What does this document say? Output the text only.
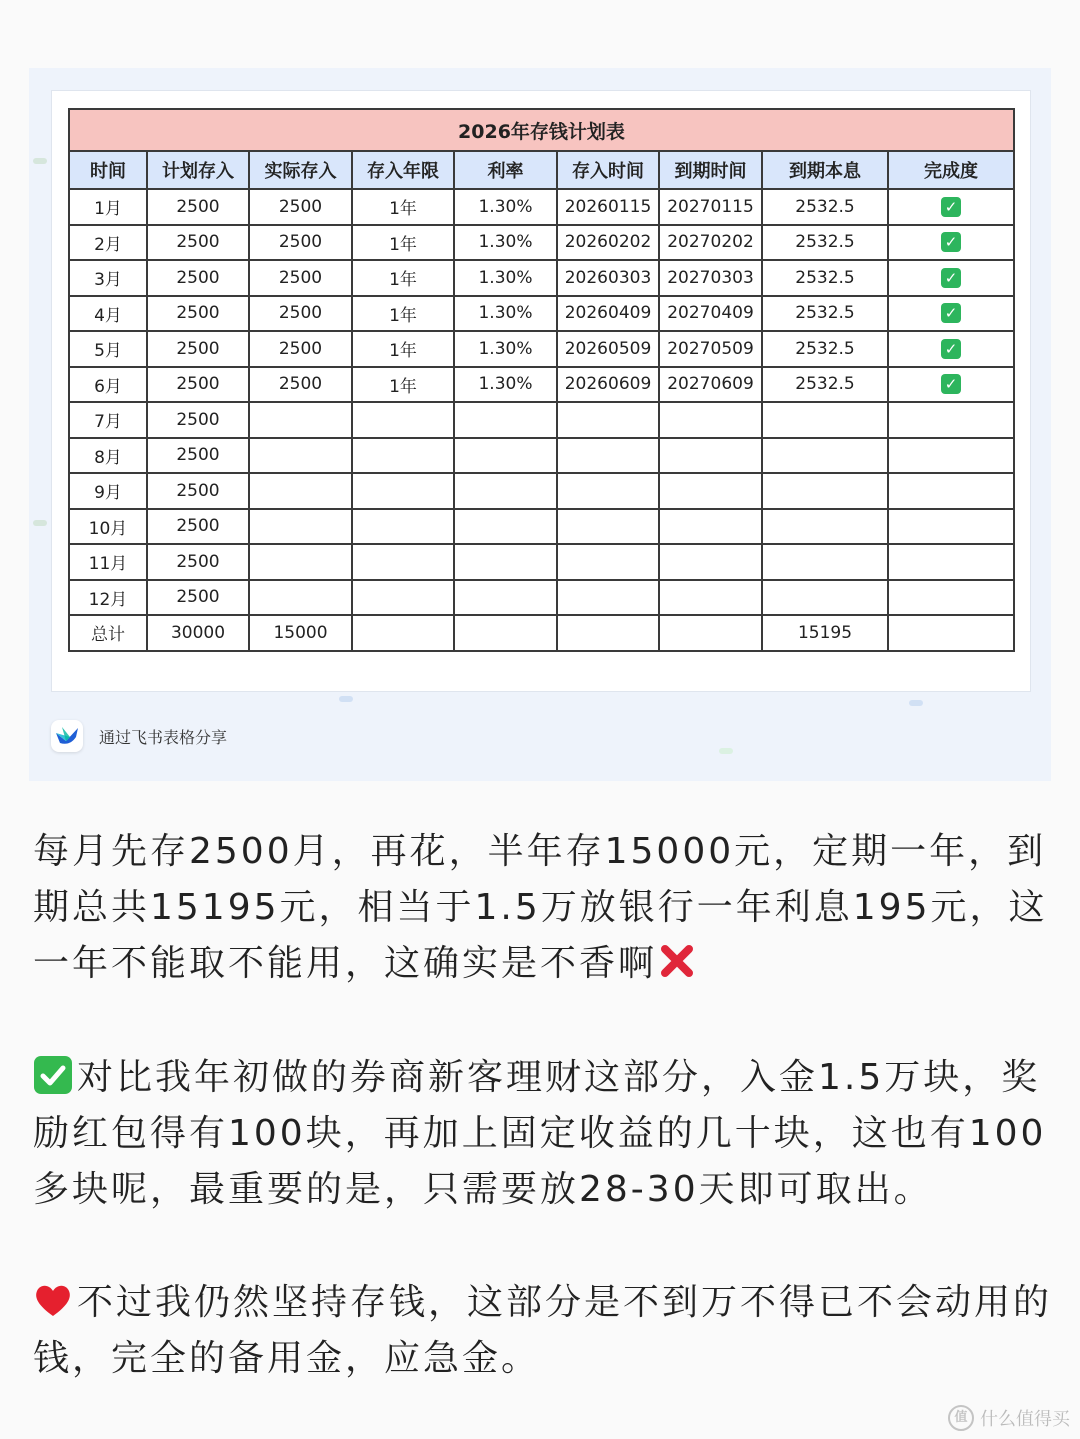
2026年存钱计划表								
时间	计划存入	实际存入	存入年限	利率	存入时间	到期时间	到期本息	完成度
1月	2500	2500	1年	1.30%	20260115	20270115	2532.5	✓
2月	2500	2500	1年	1.30%	20260202	20270202	2532.5	✓
3月	2500	2500	1年	1.30%	20260303	20270303	2532.5	✓
4月	2500	2500	1年	1.30%	20260409	20270409	2532.5	✓
5月	2500	2500	1年	1.30%	20260509	20270509	2532.5	✓
6月	2500	2500	1年	1.30%	20260609	20270609	2532.5	✓
7月	2500							
8月	2500							
9月	2500							
10月	2500							
11月	2500							
12月	2500							
总计	30000	15000					15195	
通过飞书表格分享

每月先存2500月，再花，半年存15000元，定期一年，到期总共15195元，相当于1.5万放银行一年利息195元，这一年不能取不能用，这确实是不香啊

对比我年初做的券商新客理财这部分，入金1.5万块，奖励红包得有100块，再加上固定收益的几十块，这也有100多块呢，最重要的是，只需要放28-30天即可取出。

不过我仍然坚持存钱，这部分是不到万不得已不会动用的钱，完全的备用金，应急金。

值 什么值得买
